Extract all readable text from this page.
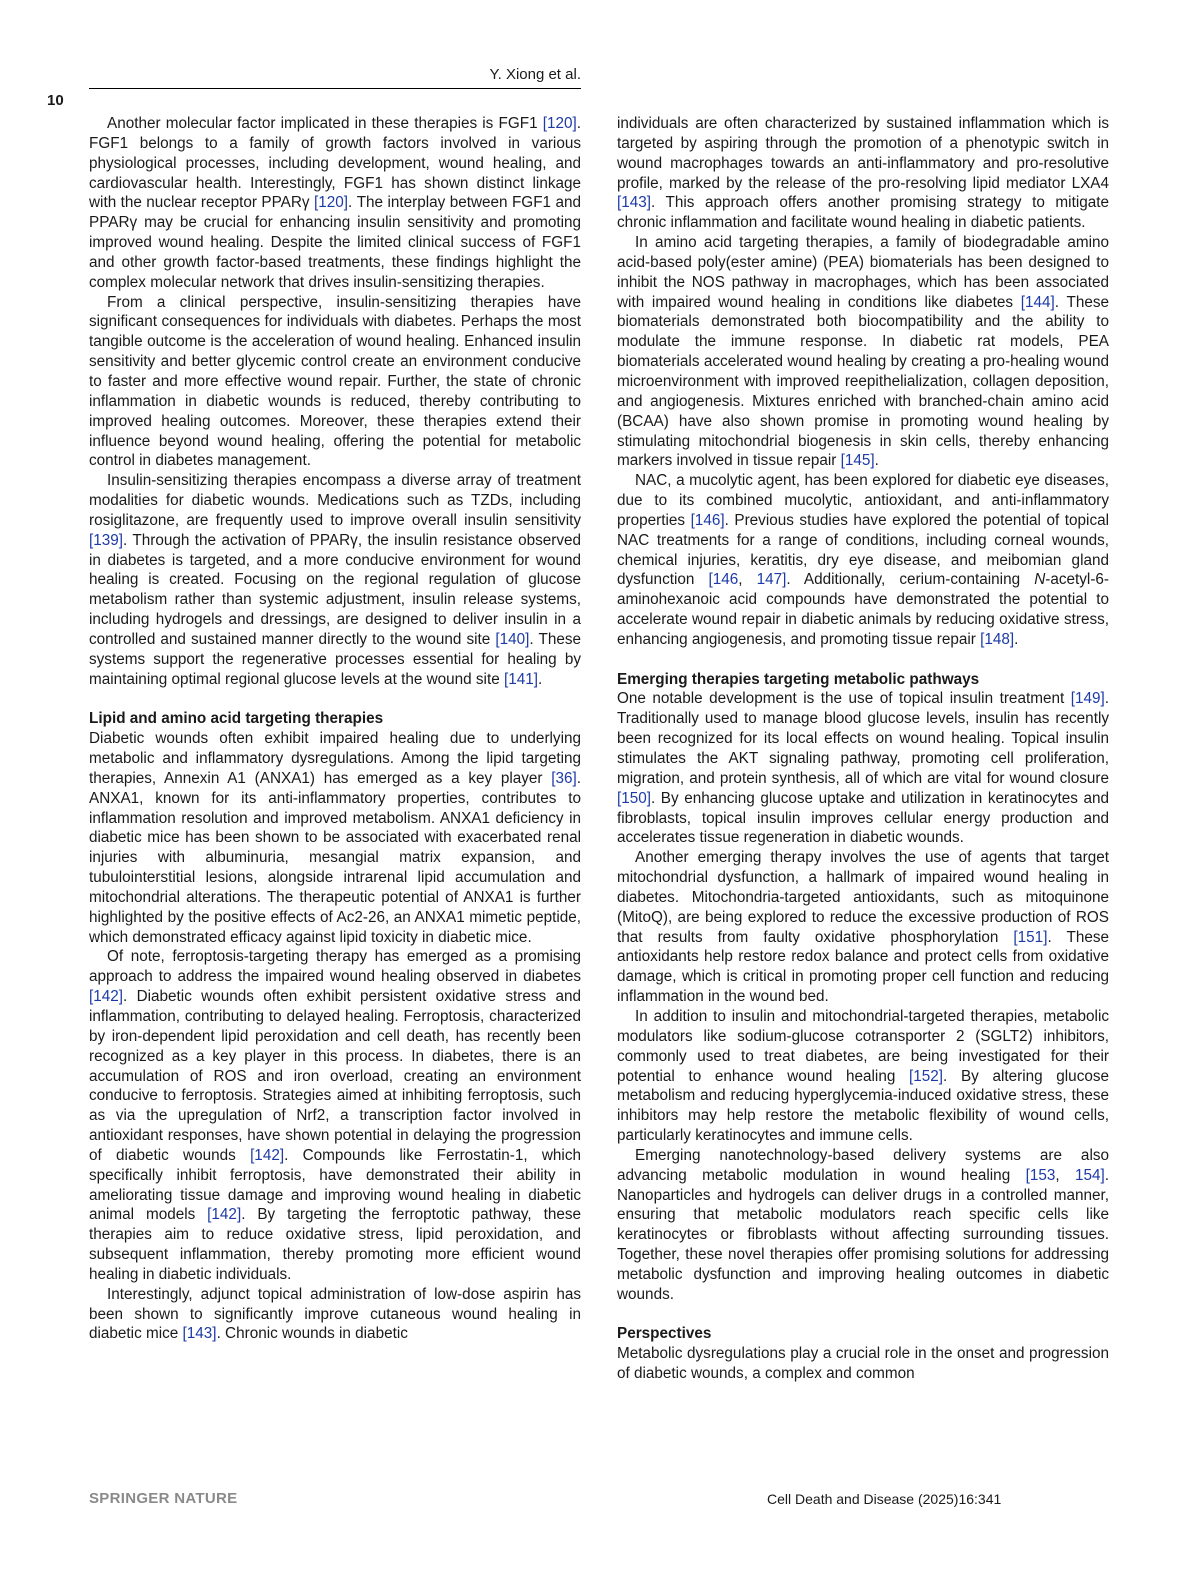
Y. Xiong et al.
10

Another molecular factor implicated in these therapies is FGF1 [120]. FGF1 belongs to a family of growth factors involved in various physiological processes, including development, wound healing, and cardiovascular health. Interestingly, FGF1 has shown distinct linkage with the nuclear receptor PPARγ [120]. The interplay between FGF1 and PPARγ may be crucial for enhancing insulin sensitivity and promoting improved wound healing. Despite the limited clinical success of FGF1 and other growth factor-based treatments, these findings highlight the complex molecular network that drives insulin-sensitizing therapies.

From a clinical perspective, insulin-sensitizing therapies have significant consequences for individuals with diabetes. Perhaps the most tangible outcome is the acceleration of wound healing. Enhanced insulin sensitivity and better glycemic control create an environment conducive to faster and more effective wound repair. Further, the state of chronic inflammation in diabetic wounds is reduced, thereby contributing to improved healing outcomes. Moreover, these therapies extend their influence beyond wound healing, offering the potential for metabolic control in diabetes management.

Insulin-sensitizing therapies encompass a diverse array of treatment modalities for diabetic wounds. Medications such as TZDs, including rosiglitazone, are frequently used to improve overall insulin sensitivity [139]. Through the activation of PPARγ, the insulin resistance observed in diabetes is targeted, and a more conducive environment for wound healing is created. Focusing on the regional regulation of glucose metabolism rather than systemic adjustment, insulin release systems, including hydrogels and dressings, are designed to deliver insulin in a controlled and sustained manner directly to the wound site [140]. These systems support the regenerative processes essential for healing by maintaining optimal regional glucose levels at the wound site [141].

Lipid and amino acid targeting therapies

Diabetic wounds often exhibit impaired healing due to underlying metabolic and inflammatory dysregulations. Among the lipid targeting therapies, Annexin A1 (ANXA1) has emerged as a key player [36]. ANXA1, known for its anti-inflammatory properties, contributes to inflammation resolution and improved metabolism. ANXA1 deficiency in diabetic mice has been shown to be associated with exacerbated renal injuries with albuminuria, mesangial matrix expansion, and tubulointerstitial lesions, alongside intrarenal lipid accumulation and mitochondrial alterations. The therapeutic potential of ANXA1 is further highlighted by the positive effects of Ac2-26, an ANXA1 mimetic peptide, which demonstrated efficacy against lipid toxicity in diabetic mice.

Of note, ferroptosis-targeting therapy has emerged as a promising approach to address the impaired wound healing observed in diabetes [142]. Diabetic wounds often exhibit persistent oxidative stress and inflammation, contributing to delayed healing. Ferroptosis, characterized by iron-dependent lipid peroxidation and cell death, has recently been recognized as a key player in this process. In diabetes, there is an accumulation of ROS and iron overload, creating an environment conducive to ferroptosis. Strategies aimed at inhibiting ferroptosis, such as via the upregulation of Nrf2, a transcription factor involved in antioxidant responses, have shown potential in delaying the progression of diabetic wounds [142]. Compounds like Ferrostatin-1, which specifically inhibit ferroptosis, have demonstrated their ability in ameliorating tissue damage and improving wound healing in diabetic animal models [142]. By targeting the ferroptotic pathway, these therapies aim to reduce oxidative stress, lipid peroxidation, and subsequent inflammation, thereby promoting more efficient wound healing in diabetic individuals.

Interestingly, adjunct topical administration of low-dose aspirin has been shown to significantly improve cutaneous wound healing in diabetic mice [143]. Chronic wounds in diabetic

individuals are often characterized by sustained inflammation which is targeted by aspiring through the promotion of a phenotypic switch in wound macrophages towards an anti-inflammatory and pro-resolutive profile, marked by the release of the pro-resolving lipid mediator LXA4 [143]. This approach offers another promising strategy to mitigate chronic inflammation and facilitate wound healing in diabetic patients.

In amino acid targeting therapies, a family of biodegradable amino acid-based poly(ester amine) (PEA) biomaterials has been designed to inhibit the NOS pathway in macrophages, which has been associated with impaired wound healing in conditions like diabetes [144]. These biomaterials demonstrated both biocompatibility and the ability to modulate the immune response. In diabetic rat models, PEA biomaterials accelerated wound healing by creating a pro-healing wound microenvironment with improved reepithelialization, collagen deposition, and angiogenesis. Mixtures enriched with branched-chain amino acid (BCAA) have also shown promise in promoting wound healing by stimulating mitochondrial biogenesis in skin cells, thereby enhancing markers involved in tissue repair [145].

NAC, a mucolytic agent, has been explored for diabetic eye diseases, due to its combined mucolytic, antioxidant, and anti-inflammatory properties [146]. Previous studies have explored the potential of topical NAC treatments for a range of conditions, including corneal wounds, chemical injuries, keratitis, dry eye disease, and meibomian gland dysfunction [146, 147]. Additionally, cerium-containing N-acetyl-6-aminohexanoic acid compounds have demonstrated the potential to accelerate wound repair in diabetic animals by reducing oxidative stress, enhancing angiogenesis, and promoting tissue repair [148].

Emerging therapies targeting metabolic pathways

One notable development is the use of topical insulin treatment [149]. Traditionally used to manage blood glucose levels, insulin has recently been recognized for its local effects on wound healing. Topical insulin stimulates the AKT signaling pathway, promoting cell proliferation, migration, and protein synthesis, all of which are vital for wound closure [150]. By enhancing glucose uptake and utilization in keratinocytes and fibroblasts, topical insulin improves cellular energy production and accelerates tissue regeneration in diabetic wounds.

Another emerging therapy involves the use of agents that target mitochondrial dysfunction, a hallmark of impaired wound healing in diabetes. Mitochondria-targeted antioxidants, such as mitoquinone (MitoQ), are being explored to reduce the excessive production of ROS that results from faulty oxidative phosphorylation [151]. These antioxidants help restore redox balance and protect cells from oxidative damage, which is critical in promoting proper cell function and reducing inflammation in the wound bed.

In addition to insulin and mitochondrial-targeted therapies, metabolic modulators like sodium-glucose cotransporter 2 (SGLT2) inhibitors, commonly used to treat diabetes, are being investigated for their potential to enhance wound healing [152]. By altering glucose metabolism and reducing hyperglycemia-induced oxidative stress, these inhibitors may help restore the metabolic flexibility of wound cells, particularly keratinocytes and immune cells.

Emerging nanotechnology-based delivery systems are also advancing metabolic modulation in wound healing [153, 154]. Nanoparticles and hydrogels can deliver drugs in a controlled manner, ensuring that metabolic modulators reach specific cells like keratinocytes or fibroblasts without affecting surrounding tissues. Together, these novel therapies offer promising solutions for addressing metabolic dysfunction and improving healing outcomes in diabetic wounds.

Perspectives

Metabolic dysregulations play a crucial role in the onset and progression of diabetic wounds, a complex and common

SPRINGER NATURE	Cell Death and Disease (2025)16:341
